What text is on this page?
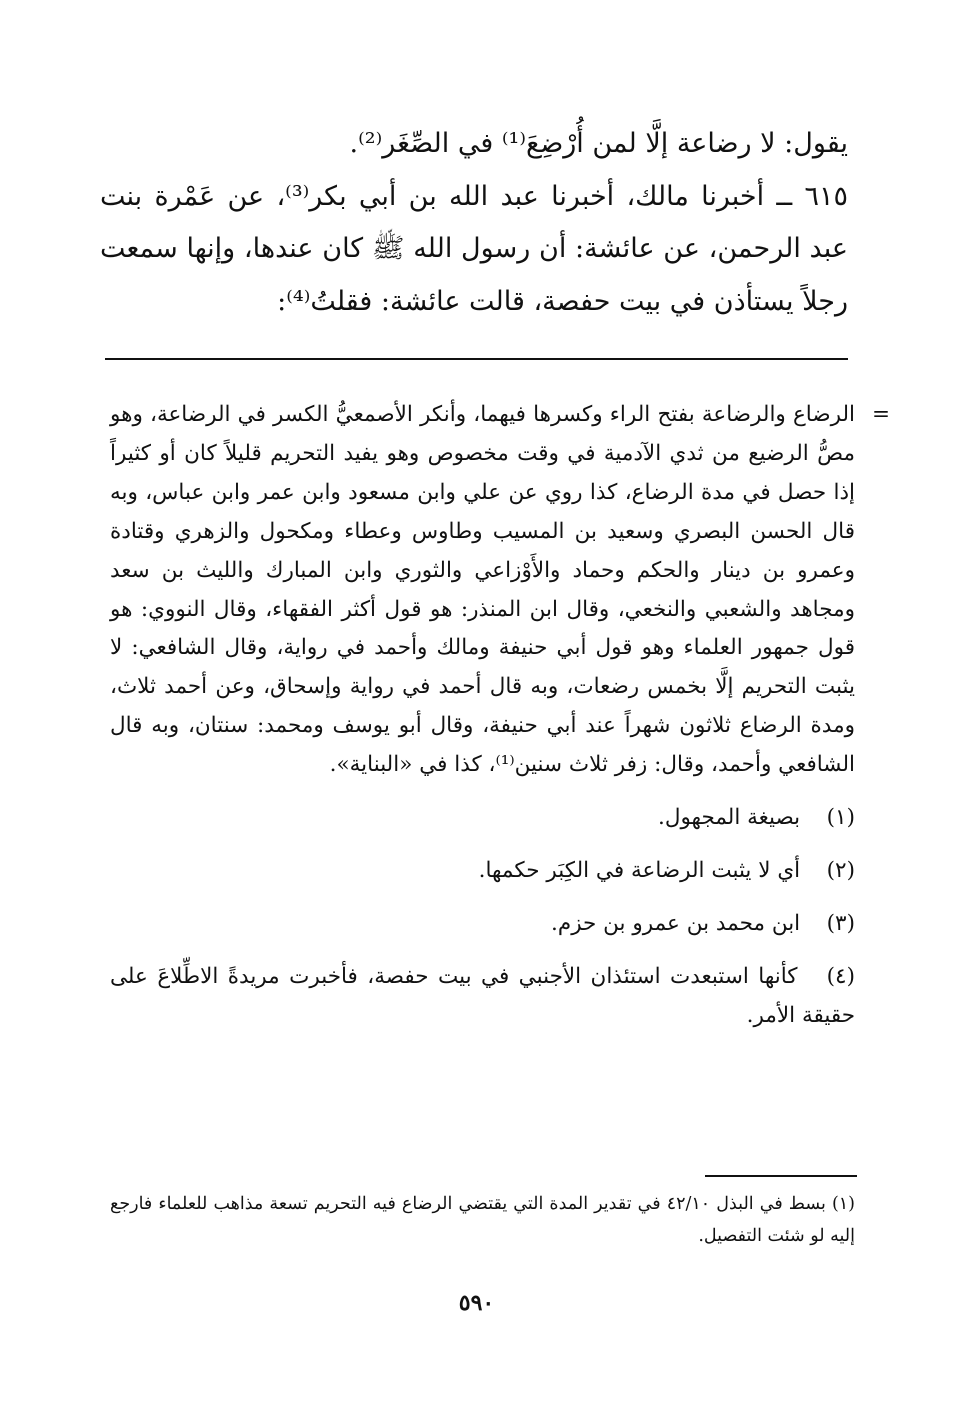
يقول: لا رضاعة إلَّا لمن أُرْضِعَ⁽¹⁾ في الصِّغَر⁽²⁾.

٦١٥ ــ أخبرنا مالك، أخبرنا عبد الله بن أبي بكر⁽³⁾، عن عَمْرة بنت عبد الرحمن، عن عائشة: أن رسول الله ﷺ كان عندها، وإنها سمعت رجلاً يستأذن في بيت حفصة، قالت عائشة: فقلتُ⁽⁴⁾:

=
الرضاع والرضاعة بفتح الراء وكسرها فيهما، وأنكر الأصمعيُّ الكسر في الرضاعة، وهو مصُّ الرضيع من ثدي الآدمية في وقت مخصوص وهو يفيد التحريم قليلاً كان أو كثيراً إذا حصل في مدة الرضاع، كذا روي عن علي وابن مسعود وابن عمر وابن عباس، وبه قال الحسن البصري وسعيد بن المسيب وطاوس وعطاء ومكحول والزهري وقتادة وعمرو بن دينار والحكم وحماد والأَوْزاعي والثوري وابن المبارك والليث بن سعد ومجاهد والشعبي والنخعي، وقال ابن المنذر: هو قول أكثر الفقهاء، وقال النووي: هو قول جمهور العلماء وهو قول أبي حنيفة ومالك وأحمد في رواية، وقال الشافعي: لا يثبت التحريم إلَّا بخمس رضعات، وبه قال أحمد في رواية وإسحاق، وعن أحمد ثلاث، ومدة الرضاع ثلاثون شهراً عند أبي حنيفة، وقال أبو يوسف ومحمد: سنتان، وبه قال الشافعي وأحمد، وقال: زفر ثلاث سنين⁽¹⁾، كذا في «البناية».

(١) بصيغة المجهول.

(٢) أي لا يثبت الرضاعة في الكِبَر حكمها.

(٣) ابن محمد بن عمرو بن حزم.

(٤) كأنها استبعدت استئذان الأجنبي في بيت حفصة، فأخبرت مريدةً الاطِّلاعَ على حقيقة الأمر.

(١) بسط في البذل ٤٢/١٠ في تقدير المدة التي يقتضي الرضاع فيه التحريم تسعة مذاهب للعلماء فارجع إليه لو شئت التفصيل.

٥٩٠
